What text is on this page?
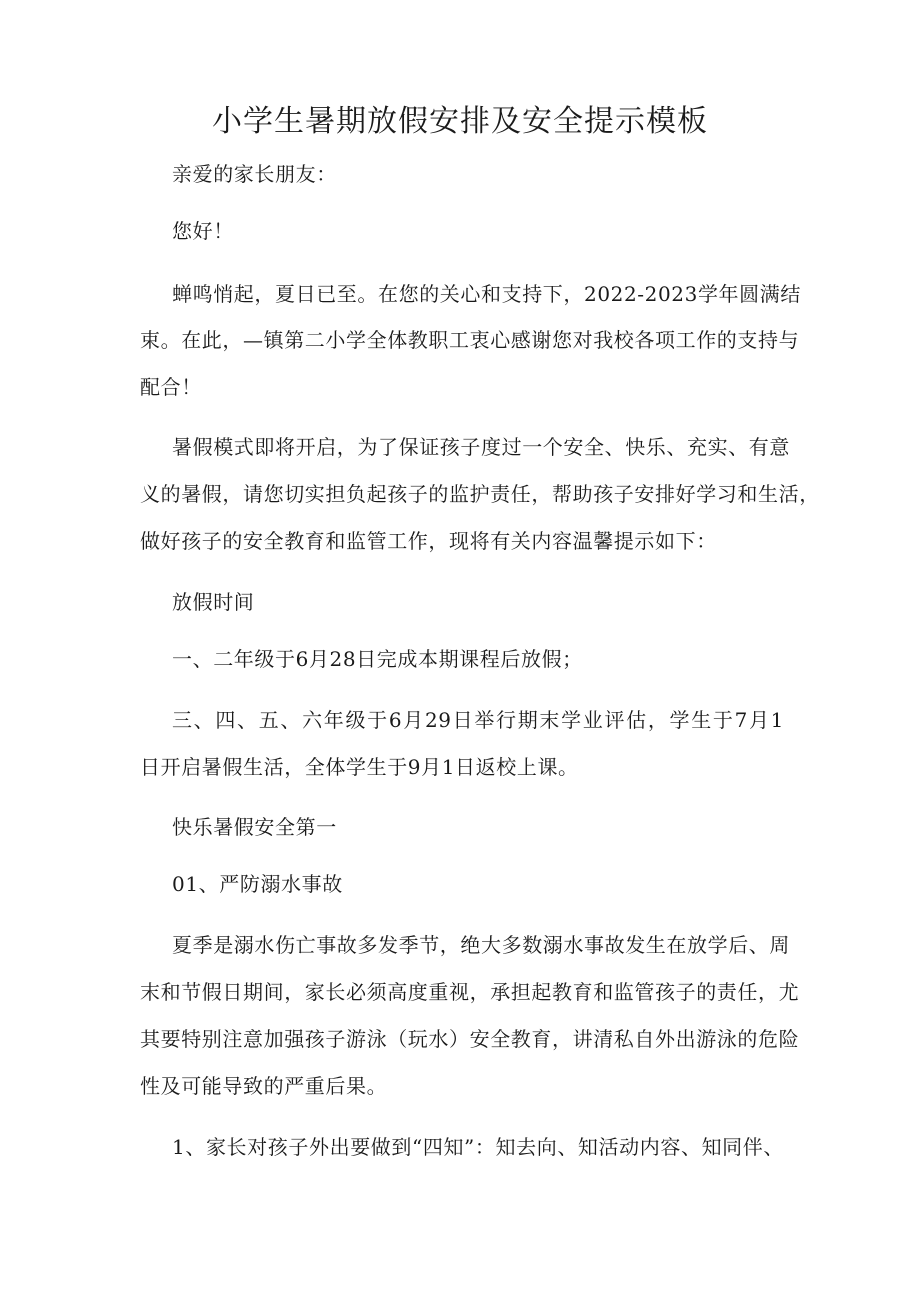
小学生暑期放假安排及安全提示模板
亲爱的家长朋友：
您好！
蝉鸣悄起，夏日已至。在您的关心和支持下，2022-2023学年圆满结
束。在此，—镇第二小学全体教职工衷心感谢您对我校各项工作的支持与
配合！
暑假模式即将开启，为了保证孩子度过一个安全、快乐、充实、有意
义的暑假，请您切实担负起孩子的监护责任，帮助孩子安排好学习和生活，
做好孩子的安全教育和监管工作，现将有关内容温馨提示如下：
放假时间
一、二年级于6月28日完成本期课程后放假；
三、四、五、六年级于6月29日举行期末学业评估，学生于7月1
日开启暑假生活，全体学生于9月1日返校上课。
快乐暑假安全第一
01、严防溺水事故
夏季是溺水伤亡事故多发季节，绝大多数溺水事故发生在放学后、周
末和节假日期间，家长必须高度重视，承担起教育和监管孩子的责任，尤
其要特别注意加强孩子游泳（玩水）安全教育，讲清私自外出游泳的危险
性及可能导致的严重后果。
1、家长对孩子外出要做到“四知”：知去向、知活动内容、知同伴、
